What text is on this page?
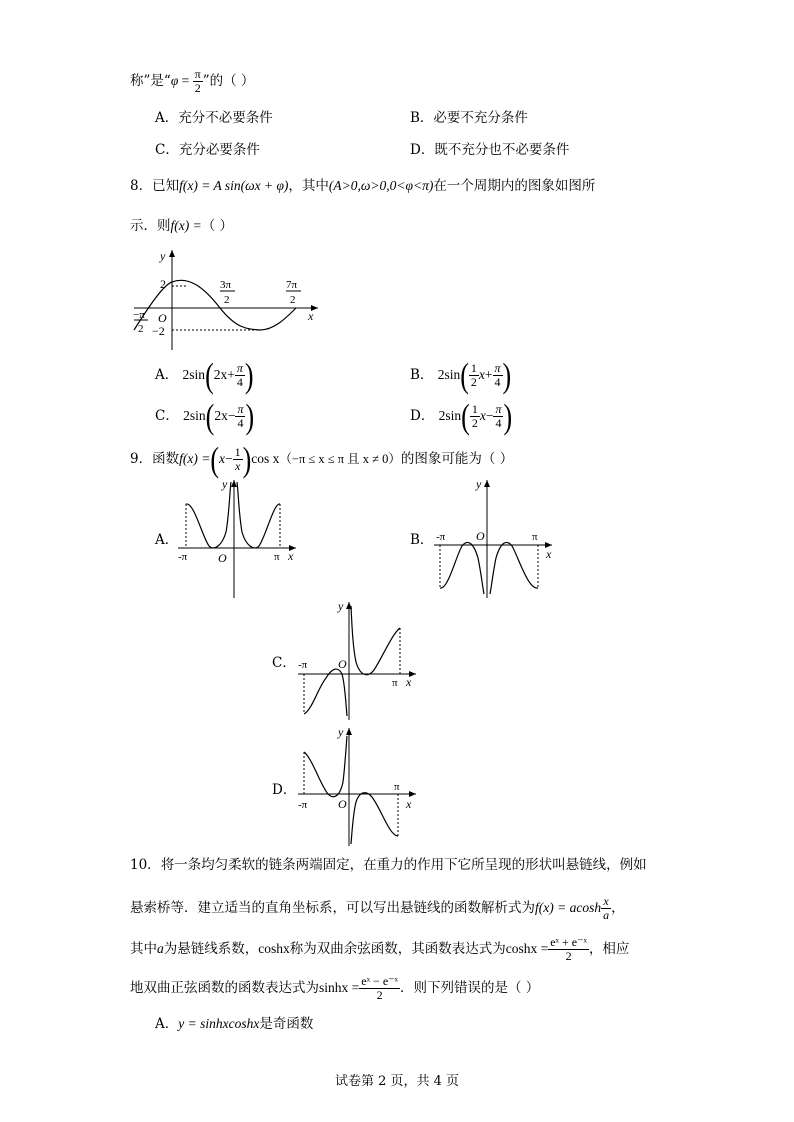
称”是“$\varphi = \frac{\pi}{2}$ ”的（ ）
A．充分不必要条件	B．必要不充分条件
C．充分必要条件	D．既不充分也不必要条件
8．已知f(x) = A sin(ωx + φ)，其中(A>0,ω>0,0<φ<π)在一个周期内的图象如图所
示．则f(x) =（ ）
y
x
2
−2
O
−π
2
3π
2
7π
2
A． $2\sin(2x+ \frac{\pi}{4}$ )	B． $2\sin( \frac{1}{2} x+ \frac{\pi}{4}$ )
C． $2\sin(2x- \frac{\pi}{4}$ )	D． $2\sin( \frac{1}{2} x- \frac{\pi}{4}$ )
9．函数$f(x) =(x- \frac{1}{x} )\cos$ x（−π ≤ x ≤ π 且 x ≠ 0）的图象可能为（ ）
A．
y
O
-π	π x
B．
y
O
-π	π
x
C．
y
O
-π
π x
D．
y
O
-π
π
x
10．将一条均匀柔软的链条两端固定，在重力的作用下它所呈现的形状叫悬链线，例如
悬索桥等．建立适当的直角坐标系，可以写出悬链线的函数解析式为f(x) = acosh $\frac{x}{a}$ ，
其中a为悬链线系数，coshx称为双曲余弦函数，其函数表达式为$\cosh x = \frac{\text{eˣ + e⁻ˣ}}{2}$ ，相应
地双曲正弦函数的函数表达式为$\sinh x = \frac{\text{eˣ − e⁻ˣ}}{2}$ ．则下列错误的是（ ）
A．y = sinhxcoshx是奇函数
试卷第 2 页，共 4 页
